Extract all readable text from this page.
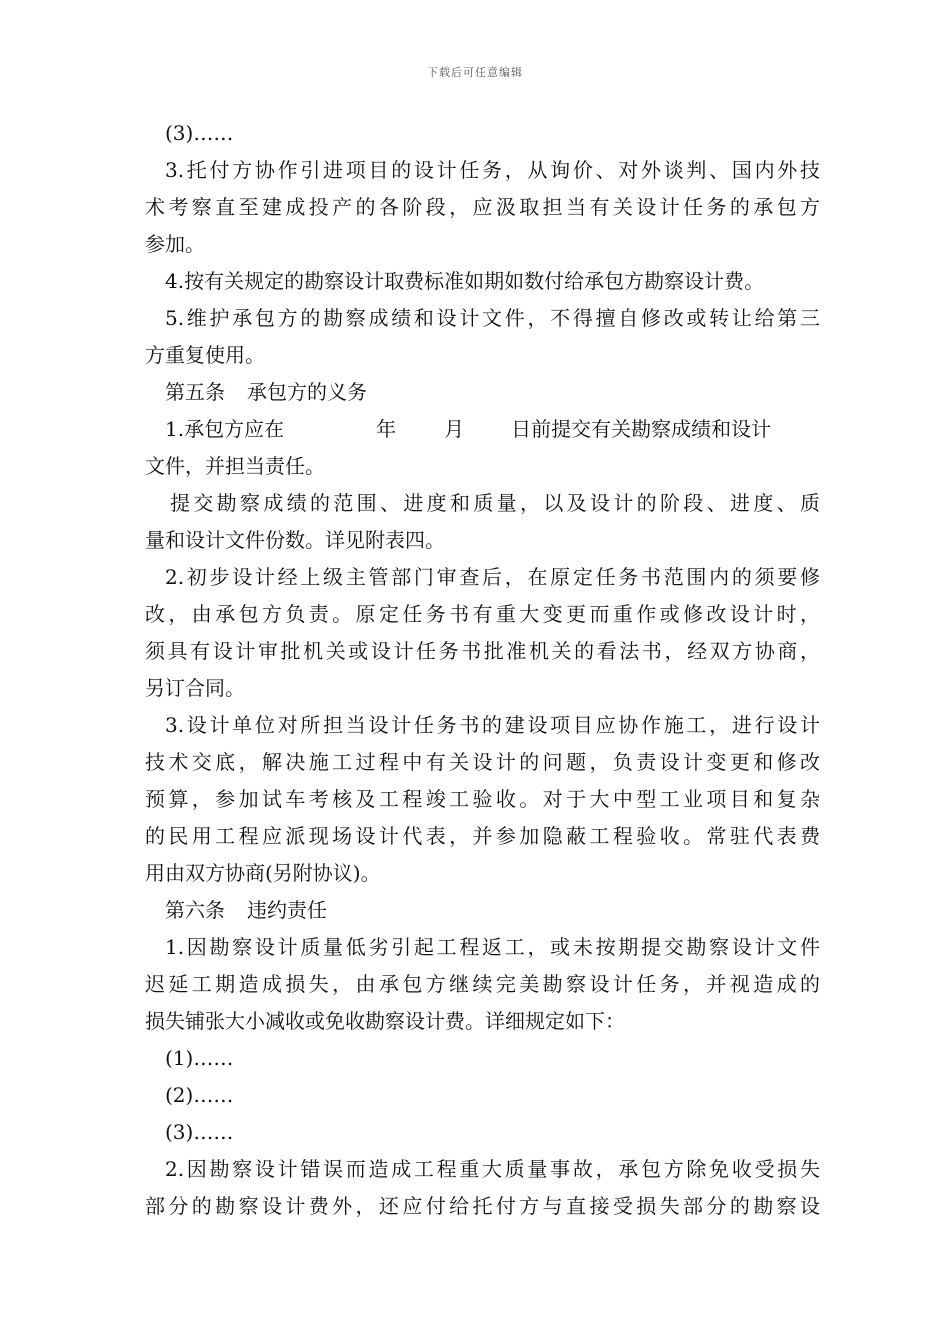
下载后可任意编辑
(3)……
3.托付方协作引进项目的设计任务，从询价、对外谈判、国内外技
术考察直至建成投产的各阶段，应汲取担当有关设计任务的承包方
参加。
4.按有关规定的勘察设计取费标准如期如数付给承包方勘察设计费。
5.维护承包方的勘察成绩和设计文件，不得擅自修改或转让给第三
方重复使用。
第五条 承包方的义务
1.承包方应在	年 月 日前提交有关勘察成绩和设计
文件，并担当责任。
提交勘察成绩的范围、进度和质量，以及设计的阶段、进度、质
量和设计文件份数。详见附表四。
2.初步设计经上级主管部门审查后，在原定任务书范围内的须要修
改，由承包方负责。原定任务书有重大变更而重作或修改设计时，
须具有设计审批机关或设计任务书批准机关的看法书，经双方协商，
另订合同。
3.设计单位对所担当设计任务书的建设项目应协作施工，进行设计
技术交底，解决施工过程中有关设计的问题，负责设计变更和修改
预算，参加试车考核及工程竣工验收。对于大中型工业项目和复杂
的民用工程应派现场设计代表，并参加隐蔽工程验收。常驻代表费
用由双方协商(另附协议)。
第六条 违约责任
1.因勘察设计质量低劣引起工程返工，或未按期提交勘察设计文件
迟延工期造成损失，由承包方继续完美勘察设计任务，并视造成的
损失铺张大小减收或免收勘察设计费。详细规定如下：
(1)……
(2)……
(3)……
2.因勘察设计错误而造成工程重大质量事故，承包方除免收受损失
部分的勘察设计费外，还应付给托付方与直接受损失部分的勘察设
